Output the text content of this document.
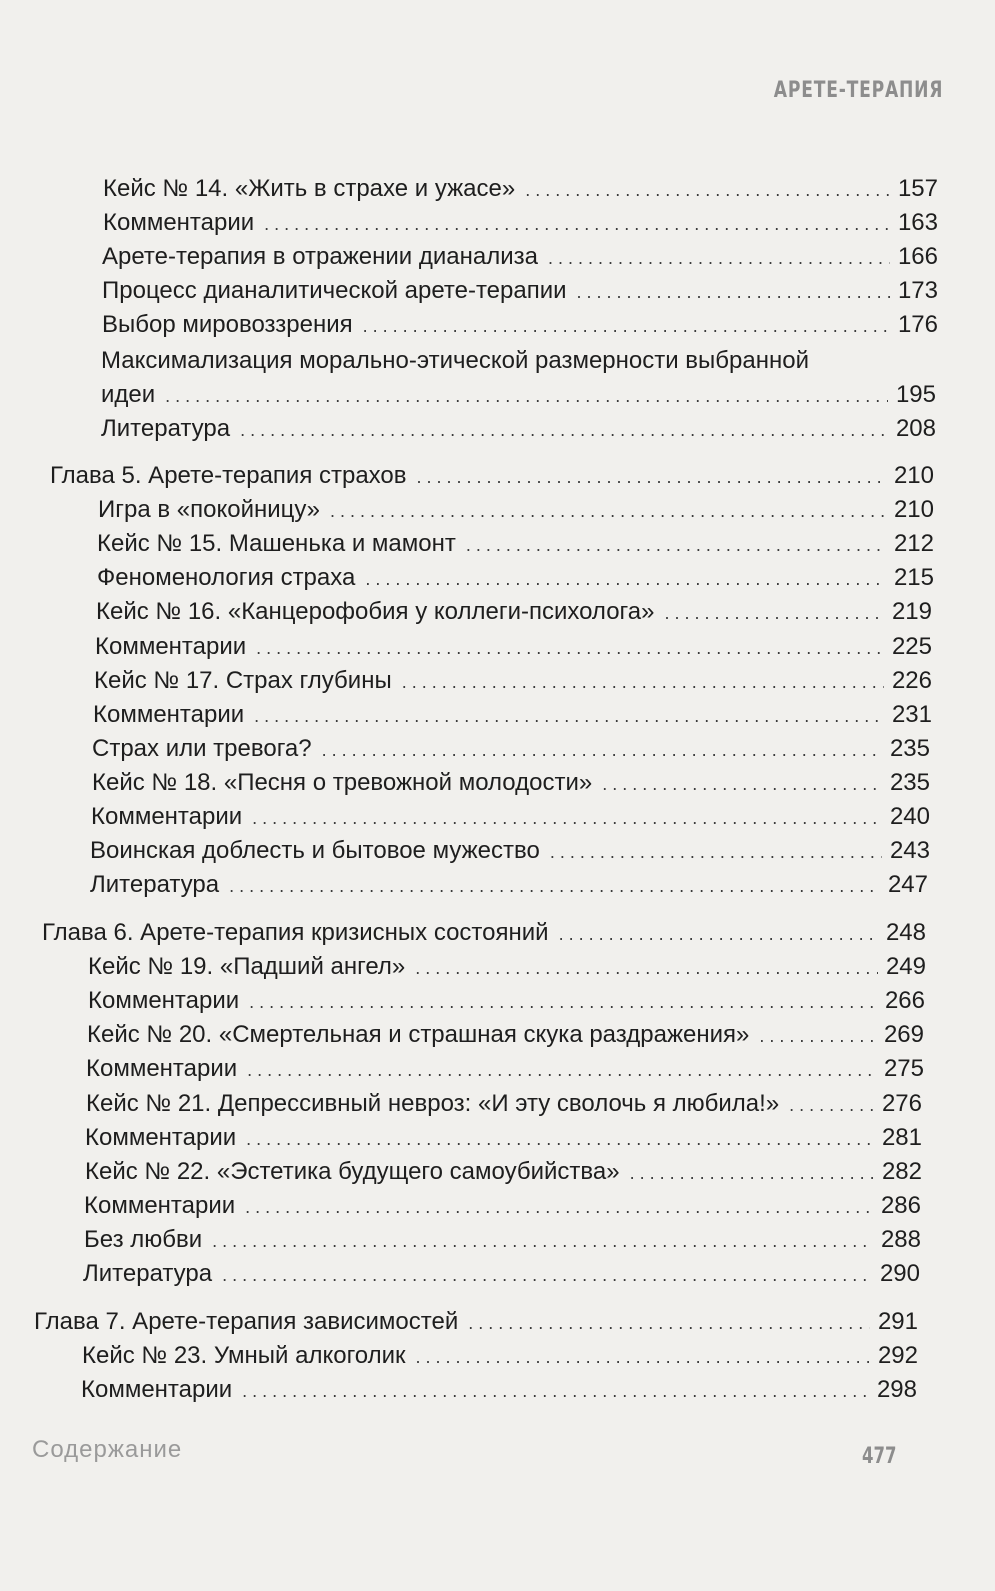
АРЕТЕ-ТЕРАПИЯ
Кейс № 14. «Жить в страхе и ужасе» . . .	157
Комментарии . . .	163
Арете-терапия в отражении дианализа . . .	166
Процесс дианалитической арете-терапии . . .	173
Выбор мировоззрения . . .	176
Максимализация морально-этической размерности выбранной
идеи . . .	195
Литература . . .	208
Глава 5. Арете-терапия страхов . . .	210
Игра в «покойницу» . . .	210
Кейс № 15. Машенька и мамонт . . .	212
Феноменология страха . . .	215
Кейс № 16. «Канцерофобия у коллеги-психолога» . . .	219
Комментарии . . .	225
Кейс № 17. Страх глубины . . .	226
Комментарии . . .	231
Страх или тревога? . . .	235
Кейс № 18. «Песня о тревожной молодости» . . .	235
Комментарии . . .	240
Воинская доблесть и бытовое мужество . . .	243
Литература . . .	247
Глава 6. Арете-терапия кризисных состояний . . .	248
Кейс № 19. «Падший ангел» . . .	249
Комментарии . . .	266
Кейс № 20. «Смертельная и страшная скука раздражения» . . .	269
Комментарии . . .	275
Кейс № 21. Депрессивный невроз: «И эту сволочь я любила!» . . .	276
Комментарии . . .	281
Кейс № 22. «Эстетика будущего самоубийства» . . .	282
Комментарии . . .	286
Без любви . . .	288
Литература . . .	290
Глава 7. Арете-терапия зависимостей . . .	291
Кейс № 23. Умный алкоголик . . .	292
Комментарии . . .	298
Содержание	477
